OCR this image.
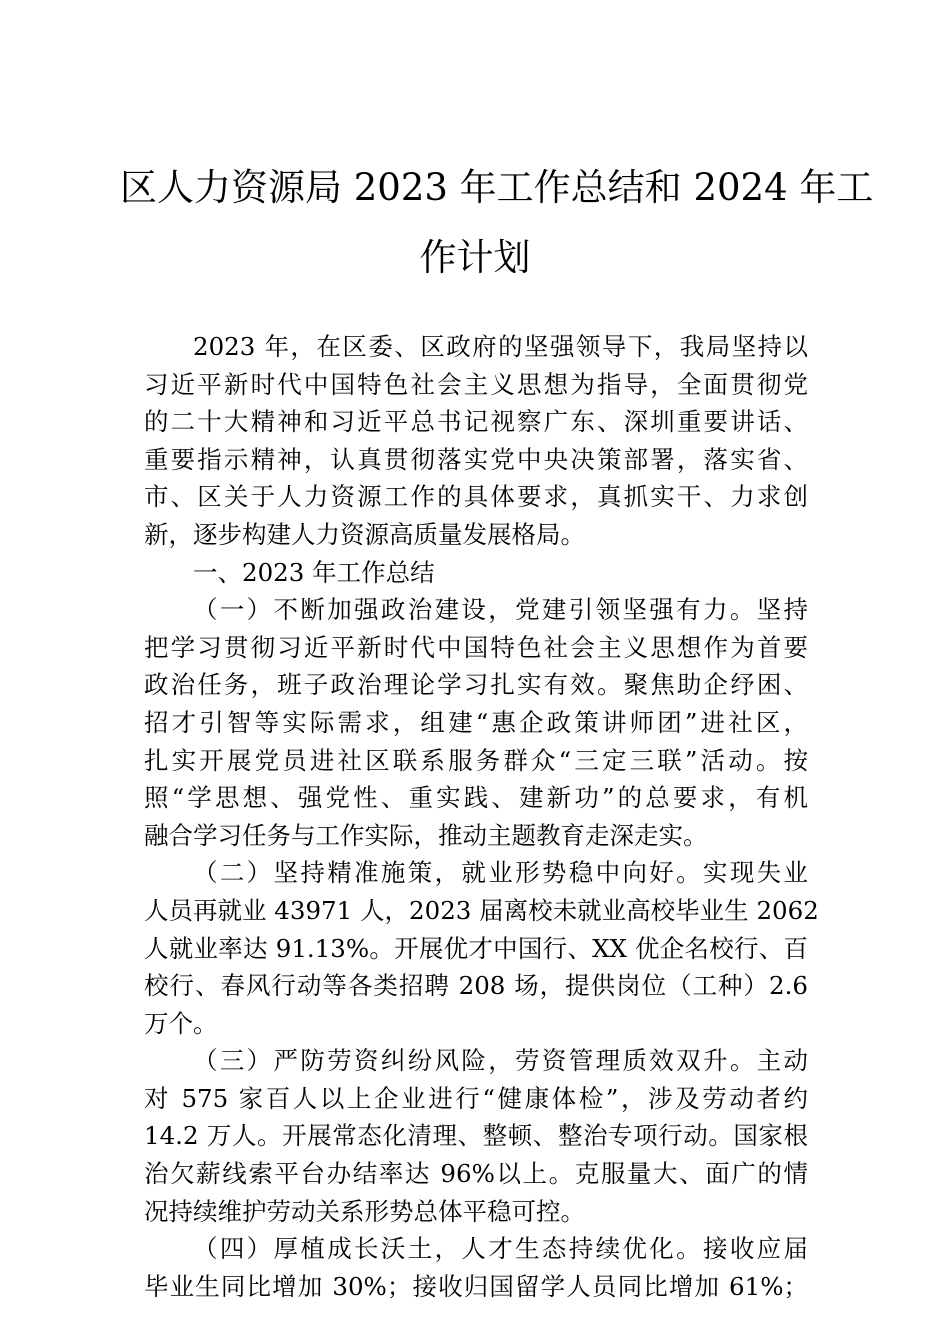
区人力资源局 2023 年工作总结和 2024 年工
作计划
2023 年，在区委、区政府的坚强领导下，我局坚持以
习近平新时代中国特色社会主义思想为指导，全面贯彻党
的二十大精神和习近平总书记视察广东、深圳重要讲话、
重要指示精神，认真贯彻落实党中央决策部署，落实省、
市、区关于人力资源工作的具体要求，真抓实干、力求创
新，逐步构建人力资源高质量发展格局。
一、2023 年工作总结
（一）不断加强政治建设，党建引领坚强有力。坚持
把学习贯彻习近平新时代中国特色社会主义思想作为首要
政治任务，班子政治理论学习扎实有效。聚焦助企纾困、
招才引智等实际需求，组建“惠企政策讲师团”进社区，
扎实开展党员进社区联系服务群众“三定三联”活动。按
照“学思想、强党性、重实践、建新功”的总要求，有机
融合学习任务与工作实际，推动主题教育走深走实。
（二）坚持精准施策，就业形势稳中向好。实现失业
人员再就业 43971 人，2023 届离校未就业高校毕业生 2062
人就业率达 91.13%。开展优才中国行、XX 优企名校行、百
校行、春风行动等各类招聘 208 场，提供岗位（工种）2.6
万个。
（三）严防劳资纠纷风险，劳资管理质效双升。主动
对 575 家百人以上企业进行“健康体检”，涉及劳动者约
14.2 万人。开展常态化清理、整顿、整治专项行动。国家根
治欠薪线索平台办结率达 96%以上。克服量大、面广的情
况持续维护劳动关系形势总体平稳可控。
（四）厚植成长沃土，人才生态持续优化。接收应届
毕业生同比增加 30%；接收归国留学人员同比增加 61%；
